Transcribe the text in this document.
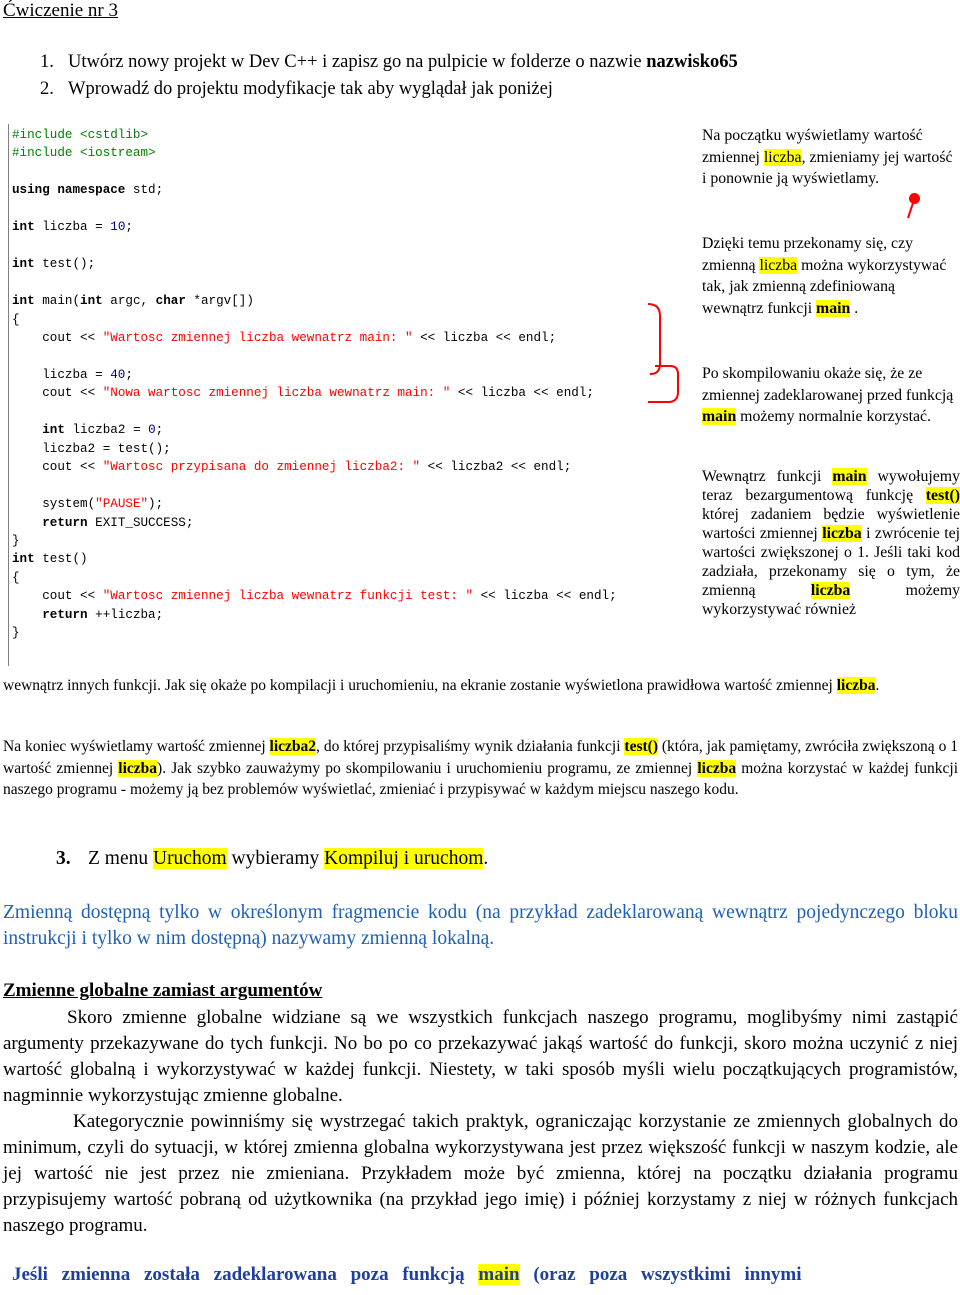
Ćwiczenie nr 3
1. Utwórz nowy projekt w Dev C++ i zapisz go na pulpicie w folderze o nazwie nazwisko65
2. Wprowadź do projektu modyfikacje tak aby wyglądał jak poniżej
#include <cstdlib>
#include <iostream>

using namespace std;

int liczba = 10;

int test();

int main(int argc, char *argv[])
{
cout << "Wartosc zmiennej liczba wewnatrz main: " << liczba << endl;

liczba = 40;
cout << "Nowa wartosc zmiennej liczba wewnatrz main: " << liczba << endl;

int liczba2 = 0;
liczba2 = test();
cout << "Wartosc przypisana do zmiennej liczba2: " << liczba2 << endl;

system("PAUSE");
return EXIT_SUCCESS;
}
int test()
{
cout << "Wartosc zmiennej liczba wewnatrz funkcji test: " << liczba << endl;
return ++liczba;
}
Na początku wyświetlamy wartość zmiennej liczba, zmieniamy jej wartość i ponownie ją wyświetlamy.
Dzięki temu przekonamy się, czy zmienną liczba można wykorzystywać tak, jak zmienną zdefiniowaną wewnątrz funkcji main .
Po skompilowaniu okaże się, że ze zmiennej zadeklarowanej przed funkcją main możemy normalnie korzystać.
Wewnątrz funkcji main wywołujemy teraz bezargumentową funkcję test() której zadaniem będzie wyświetlenie wartości zmiennej liczba i zwrócenie tej wartości zwiększonej o 1. Jeśli taki kod zadziała, przekonamy się o tym, że zmienną liczba możemy wykorzystywać również
wewnątrz innych funkcji. Jak się okaże po kompilacji i uruchomieniu, na ekranie zostanie wyświetlona prawidłowa wartość zmiennej liczba.
Na koniec wyświetlamy wartość zmiennej liczba2, do której przypisaliśmy wynik działania funkcji test() (która, jak pamiętamy, zwróciła zwiększoną o 1 wartość zmiennej liczba). Jak szybko zauważymy po skompilowaniu i uruchomieniu programu, ze zmiennej liczba można korzystać w każdej funkcji naszego programu - możemy ją bez problemów wyświetlać, zmieniać i przypisywać w każdym miejscu naszego kodu.
3. Z menu Uruchom wybieramy Kompiluj i uruchom.
Zmienną dostępną tylko w określonym fragmencie kodu (na przykład zadeklarowaną wewnątrz pojedynczego bloku instrukcji i tylko w nim dostępną) nazywamy zmienną lokalną.
Zmienne globalne zamiast argumentów
Skoro zmienne globalne widziane są we wszystkich funkcjach naszego programu, moglibyśmy nimi zastąpić argumenty przekazywane do tych funkcji. No bo po co przekazywać jakąś wartość do funkcji, skoro można uczynić z niej wartość globalną i wykorzystywać w każdej funkcji. Niestety, w taki sposób myśli wielu początkujących programistów, nagminnie wykorzystując zmienne globalne.
Kategorycznie powinniśmy się wystrzegać takich praktyk, ograniczając korzystanie ze zmiennych globalnych do minimum, czyli do sytuacji, w której zmienna globalna wykorzystywana jest przez większość funkcji w naszym kodzie, ale jej wartość nie jest przez nie zmieniana. Przykładem może być zmienna, której na początku działania programu przypisujemy wartość pobraną od użytkownika (na przykład jego imię) i później korzystamy z niej w różnych funkcjach naszego programu.
Jeśli zmienna została zadeklarowana poza funkcją main (oraz poza wszystkimi innymi
